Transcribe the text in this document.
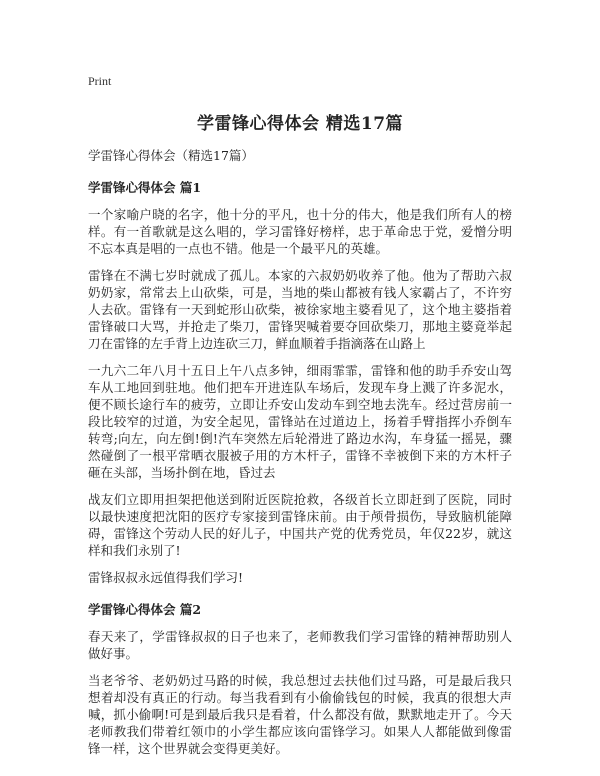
Print
学雷锋心得体会 精选17篇
学雷锋心得体会（精选17篇）
学雷锋心得体会 篇1

一个家喻户晓的名字，他十分的平凡，也十分的伟大，他是我们所有人的榜样。有一首歌就是这么唱的，学习雷锋好榜样，忠于革命忠于党，爱憎分明不忘本真是唱的一点也不错。他是一个最平凡的英雄。

雷锋在不满七岁时就成了孤儿。本家的六叔奶奶收养了他。他为了帮助六叔奶奶家，常常去上山砍柴，可是，当地的柴山都被有钱人家霸占了，不许穷人去砍。雷锋有一天到蛇形山砍柴，被徐家地主婆看见了，这个地主婆指着雷锋破口大骂，并抢走了柴刀，雷锋哭喊着要夺回砍柴刀，那地主婆竟举起刀在雷锋的左手背上边连砍三刀，鲜血顺着手指滴落在山路上

一九六二年八月十五日上午八点多钟，细雨霏霏，雷锋和他的助手乔安山驾车从工地回到驻地。他们把车开进连队车场后，发现车身上溅了许多泥水，便不顾长途行车的疲劳，立即让乔安山发动车到空地去洗车。经过营房前一段比较窄的过道，为安全起见，雷锋站在过道边上，扬着手臂指挥小乔倒车转弯;向左，向左倒!倒!汽车突然左后轮滑进了路边水沟，车身猛一摇晃，骤然碰倒了一根平常晒衣服被子用的方木杆子，雷锋不幸被倒下来的方木杆子砸在头部，当场扑倒在地，昏过去

战友们立即用担架把他送到附近医院抢救，各级首长立即赶到了医院，同时以最快速度把沈阳的医疗专家接到雷锋床前。由于颅骨损伤，导致脑机能障碍，雷锋这个劳动人民的好儿子，中国共产党的优秀党员，年仅22岁，就这样和我们永别了!

雷锋叔叔永远值得我们学习!

学雷锋心得体会 篇2

春天来了，学雷锋叔叔的日子也来了，老师教我们学习雷锋的精神帮助别人做好事。

当老爷爷、老奶奶过马路的时候，我总想过去扶他们过马路，可是最后我只想着却没有真正的行动。每当我看到有小偷偷钱包的时候，我真的很想大声喊，抓小偷啊!可是到最后我只是看着，什么都没有做，默默地走开了。今天老师教我们带着红领巾的小学生都应该向雷锋学习。如果人人都能做到像雷锋一样，这个世界就会变得更美好。
